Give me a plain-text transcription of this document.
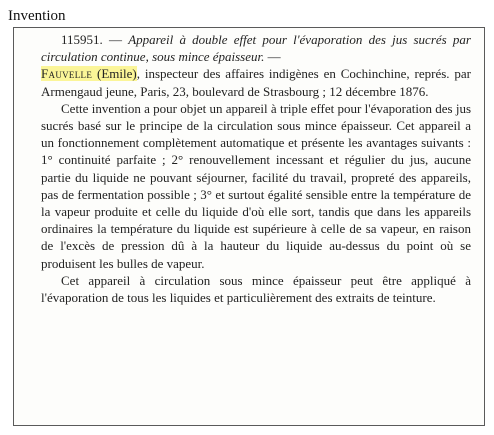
Invention

115951. — Appareil à double effet pour l'évaporation des jus sucrés par circulation continue, sous mince épaisseur. —

Fauvelle (Emile), inspecteur des affaires indigènes en Cochinchine, représ. par Armengaud jeune, Paris, 23, boulevard de Strasbourg ; 12 décembre 1876.

Cette invention a pour objet un appareil à triple effet pour l'évaporation des jus sucrés basé sur le principe de la circulation sous mince épaisseur. Cet appareil a un fonctionnement complètement automatique et présente les avantages suivants : 1° continuité parfaite ; 2° renouvellement incessant et régulier du jus, aucune partie du liquide ne pouvant séjourner, facilité du travail, propreté des appareils, pas de fermentation possible ; 3° et surtout égalité sensible entre la température de la vapeur produite et celle du liquide d'où elle sort, tandis que dans les appareils ordinaires la température du liquide est supérieure à celle de sa vapeur, en raison de l'excès de pression dû à la hauteur du liquide au-dessus du point où se produisent les bulles de vapeur.

Cet appareil à circulation sous mince épaisseur peut être appliqué à l'évaporation de tous les liquides et particulièrement des extraits de teinture.
